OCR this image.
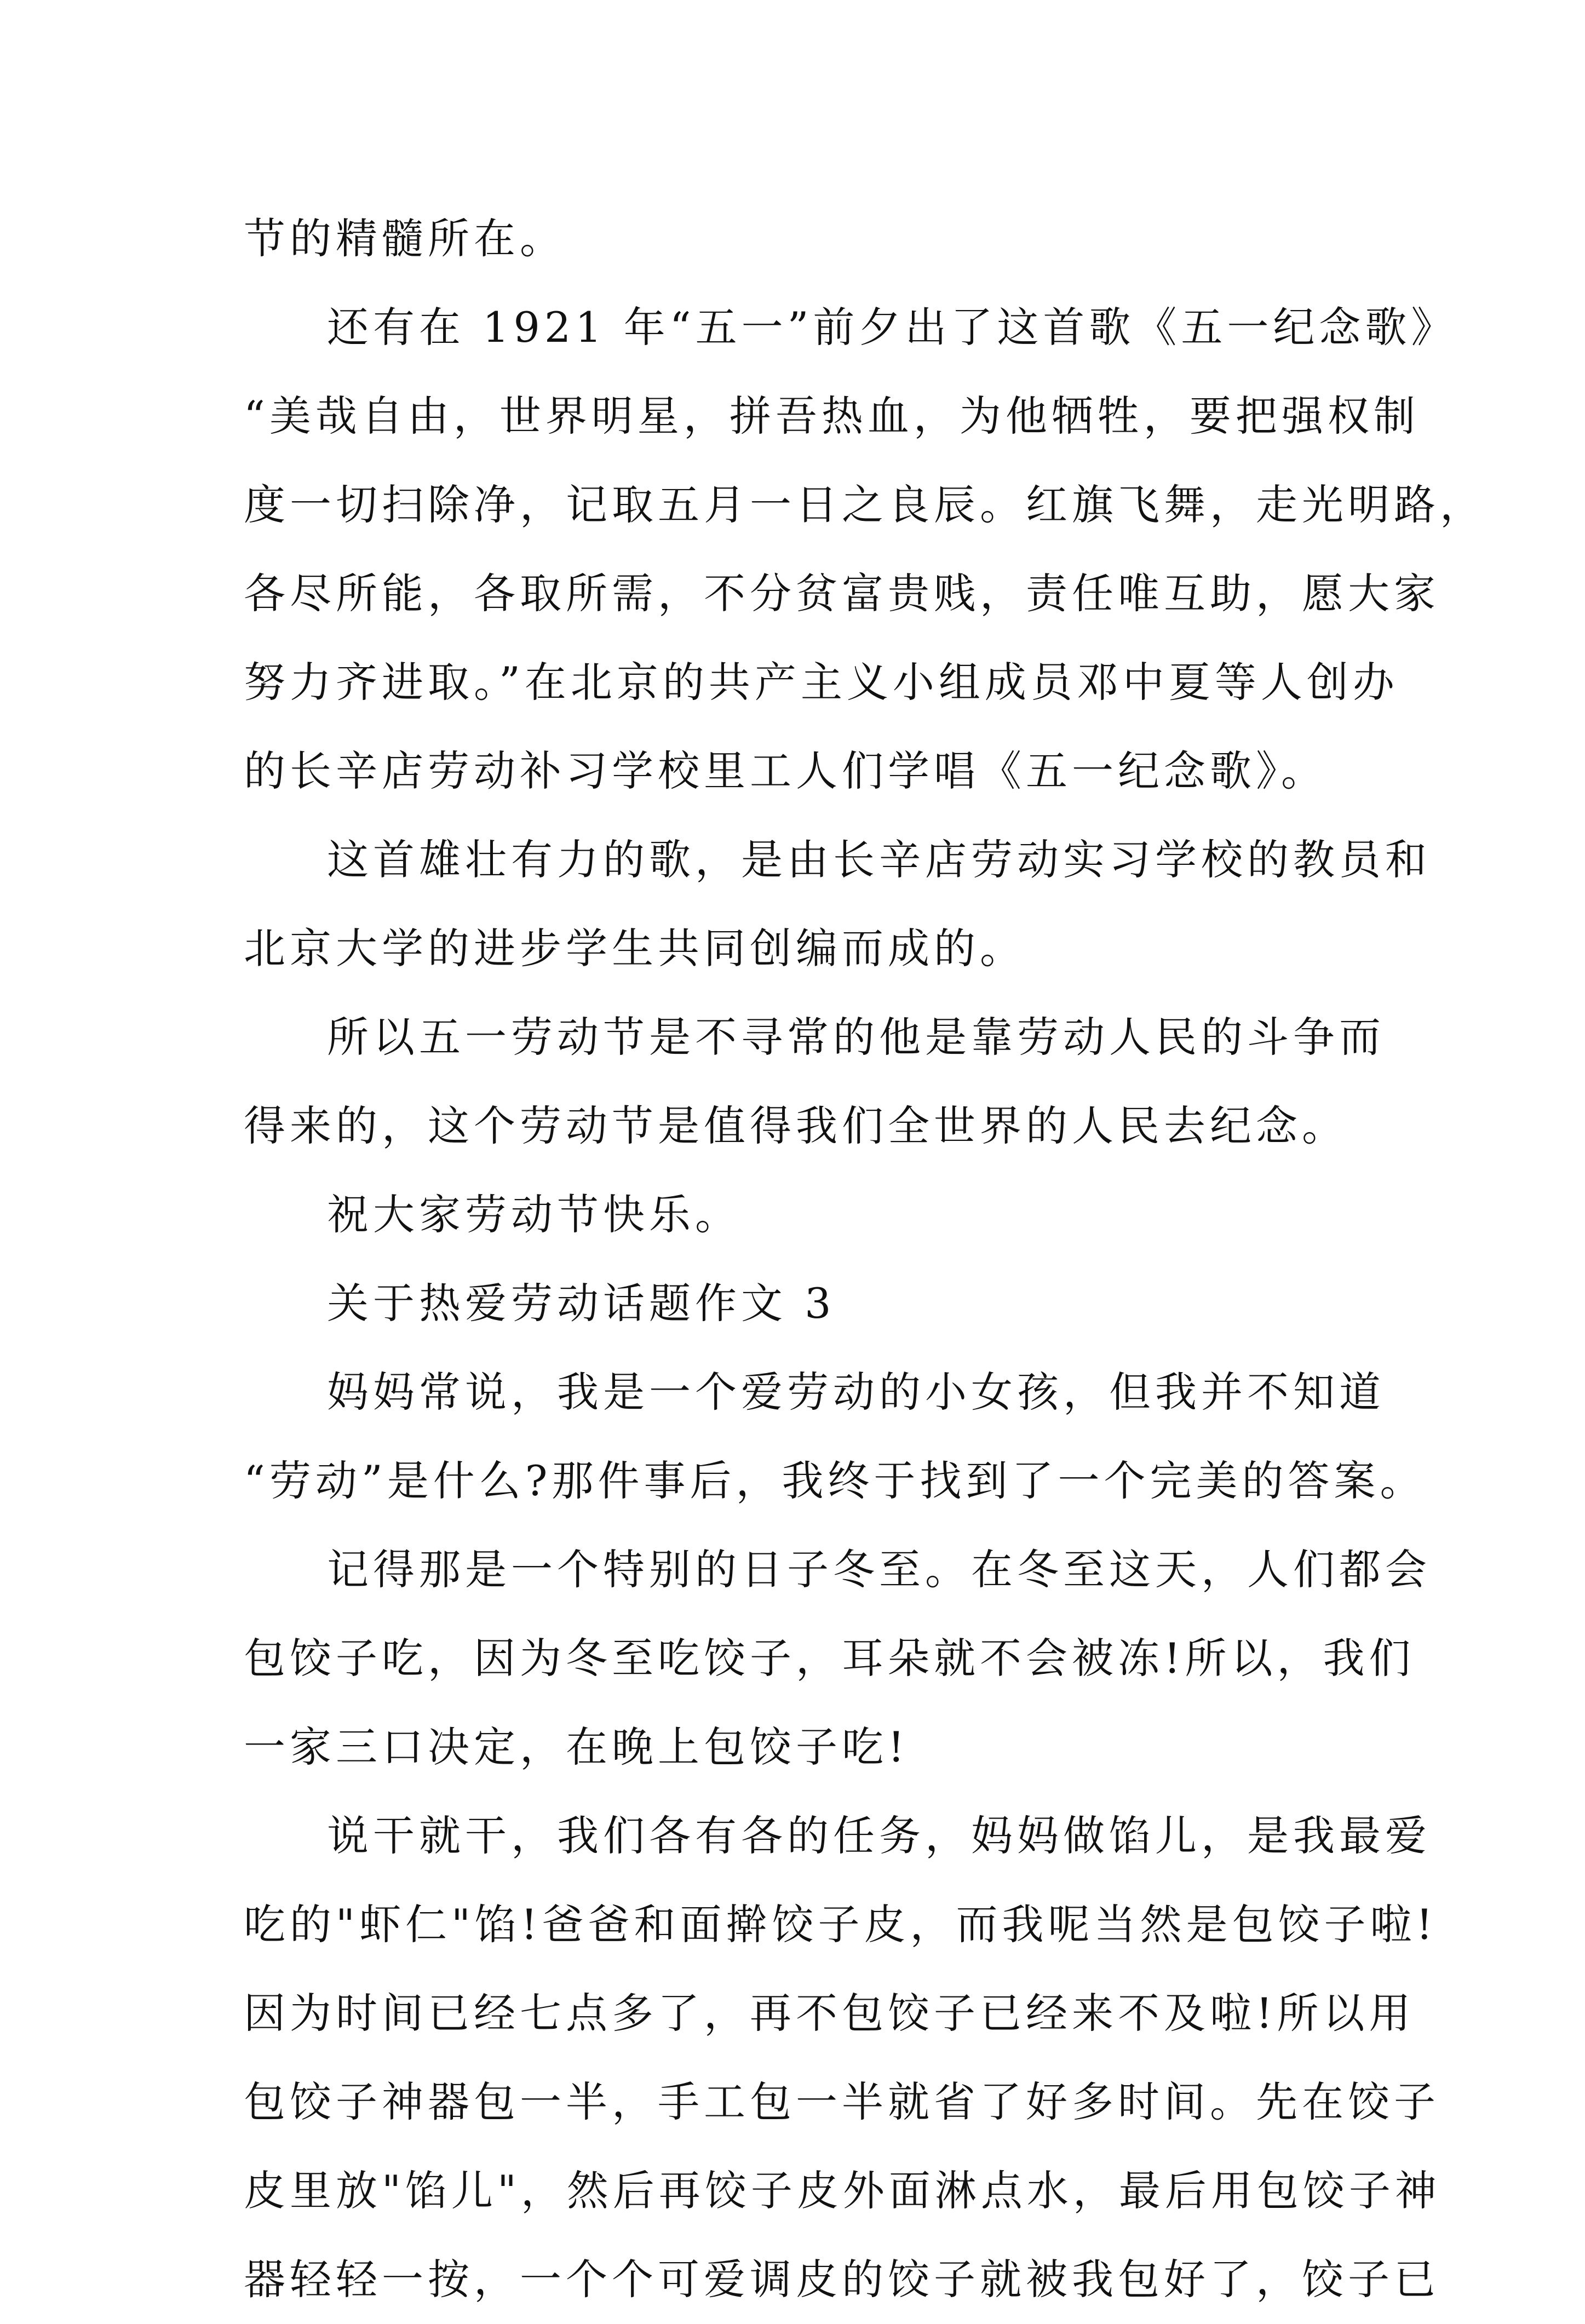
节的精髓所在。
还有在 1921 年“五一”前夕出了这首歌《五一纪念歌》
“美哉自由，世界明星，拼吾热血，为他牺牲，要把强权制
度一切扫除净，记取五月一日之良辰。红旗飞舞，走光明路，
各尽所能，各取所需，不分贫富贵贱，责任唯互助，愿大家
努力齐进取。”在北京的共产主义小组成员邓中夏等人创办
的长辛店劳动补习学校里工人们学唱《五一纪念歌》。
这首雄壮有力的歌，是由长辛店劳动实习学校的教员和
北京大学的进步学生共同创编而成的。
所以五一劳动节是不寻常的他是靠劳动人民的斗争而
得来的，这个劳动节是值得我们全世界的人民去纪念。
祝大家劳动节快乐。
关于热爱劳动话题作文 3
妈妈常说，我是一个爱劳动的小女孩，但我并不知道
“劳动”是什么?那件事后，我终于找到了一个完美的答案。
记得那是一个特别的日子冬至。在冬至这天，人们都会
包饺子吃，因为冬至吃饺子，耳朵就不会被冻!所以，我们
一家三口决定，在晚上包饺子吃!
说干就干，我们各有各的任务，妈妈做馅儿，是我最爱
吃的"虾仁"馅!爸爸和面擀饺子皮，而我呢当然是包饺子啦!
因为时间已经七点多了，再不包饺子已经来不及啦!所以用
包饺子神器包一半，手工包一半就省了好多时间。先在饺子
皮里放"馅儿"，然后再饺子皮外面淋点水，最后用包饺子神
器轻轻一按，一个个可爱调皮的饺子就被我包好了，饺子已
